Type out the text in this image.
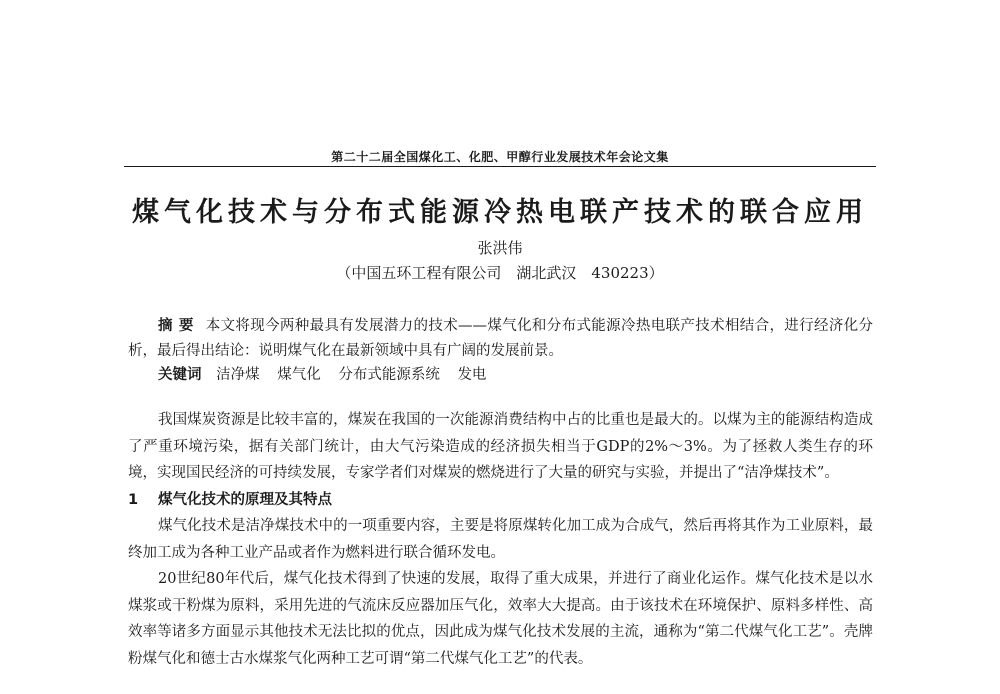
第二十二届全国煤化工、化肥、甲醇行业发展技术年会论文集
煤气化技术与分布式能源冷热电联产技术的联合应用
张洪伟
（中国五环工程有限公司　湖北武汉　430223）
摘要 本文将现今两种最具有发展潜力的技术——煤气化和分布式能源冷热电联产技术相结合，进行经济化分析，最后得出结论：说明煤气化在最新领域中具有广阔的发展前景。
关键词 洁净煤 煤气化 分布式能源系统 发电

我国煤炭资源是比较丰富的，煤炭在我国的一次能源消费结构中占的比重也是最大的。以煤为主的能源结构造成了严重环境污染，据有关部门统计，由大气污染造成的经济损失相当于GDP的2%～3%。为了拯救人类生存的环境，实现国民经济的可持续发展，专家学者们对煤炭的燃烧进行了大量的研究与实验，并提出了“洁净煤技术”。

1 煤气化技术的原理及其特点

煤气化技术是洁净煤技术中的一项重要内容，主要是将原煤转化加工成为合成气，然后再将其作为工业原料，最终加工成为各种工业产品或者作为燃料进行联合循环发电。

20世纪80年代后，煤气化技术得到了快速的发展，取得了重大成果，并进行了商业化运作。煤气化技术是以水煤浆或干粉煤为原料，采用先进的气流床反应器加压气化，效率大大提高。由于该技术在环境保护、原料多样性、高效率等诸多方面显示其他技术无法比拟的优点，因此成为煤气化技术发展的主流，通称为“第二代煤气化工艺”。壳牌粉煤气化和德士古水煤浆气化两种工艺可谓“第二代煤气化工艺”的代表。
